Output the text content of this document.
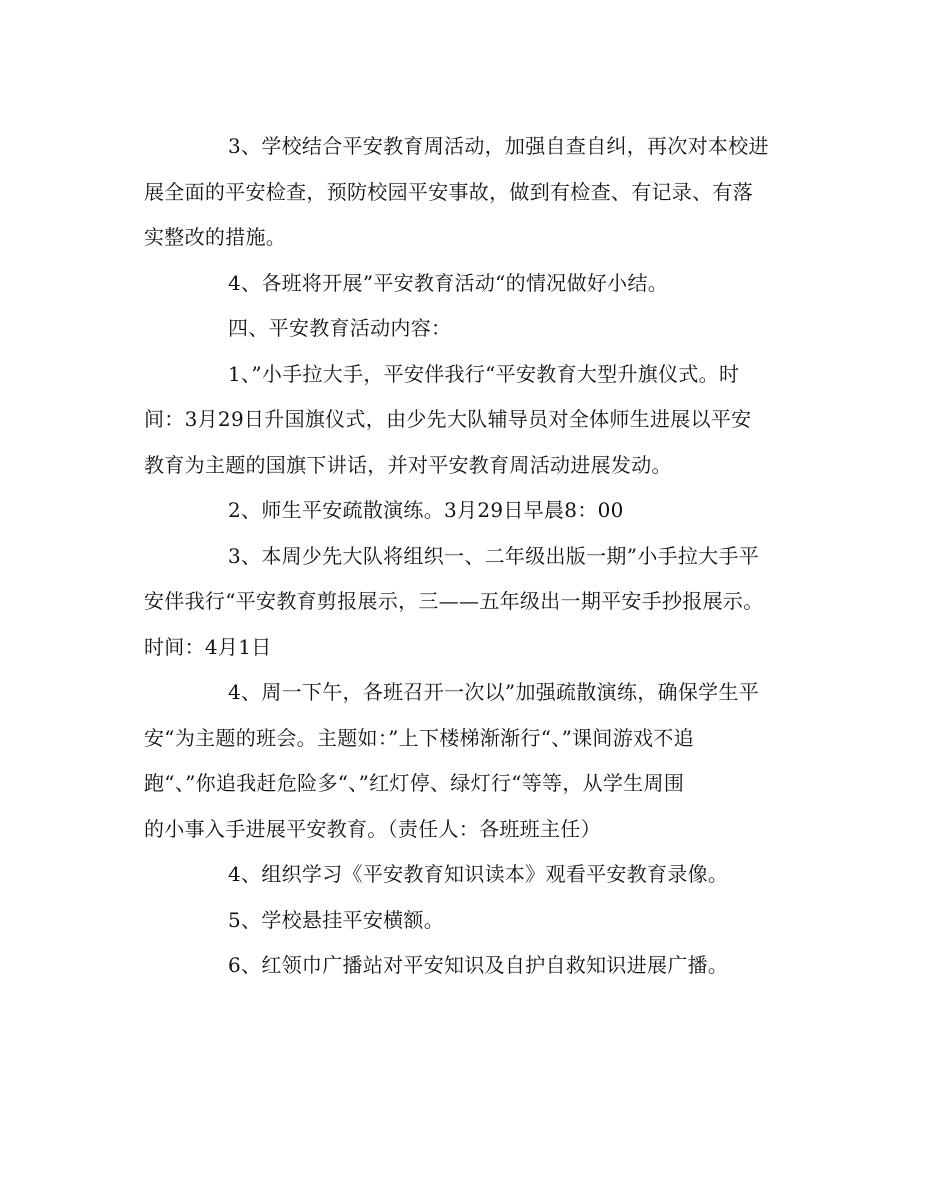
3、学校结合平安教育周活动，加强自查自纠，再次对本校进
展全面的平安检查，预防校园平安事故，做到有检查、有记录、有落
实整改的措施。

4、各班将开展”平安教育活动“的情况做好小结。

四、平安教育活动内容：

1、”小手拉大手，平安伴我行“平安教育大型升旗仪式。时
间：3月29日升国旗仪式，由少先大队辅导员对全体师生进展以平安
教育为主题的国旗下讲话，并对平安教育周活动进展发动。

2、师生平安疏散演练。3月29日早晨8：00

3、本周少先大队将组织一、二年级出版一期”小手拉大手平
安伴我行“平安教育剪报展示，三——五年级出一期平安手抄报展示。
时间：4月1日

4、周一下午，各班召开一次以”加强疏散演练，确保学生平
安“为主题的班会。主题如：”上下楼梯渐渐行“、”课间游戏不追
跑“、”你追我赶危险多“、”红灯停、绿灯行“等等，从学生周围
的小事入手进展平安教育。（责任人：各班班主任）

4、组织学习《平安教育知识读本》观看平安教育录像。

5、学校悬挂平安横额。

6、红领巾广播站对平安知识及自护自救知识进展广播。
